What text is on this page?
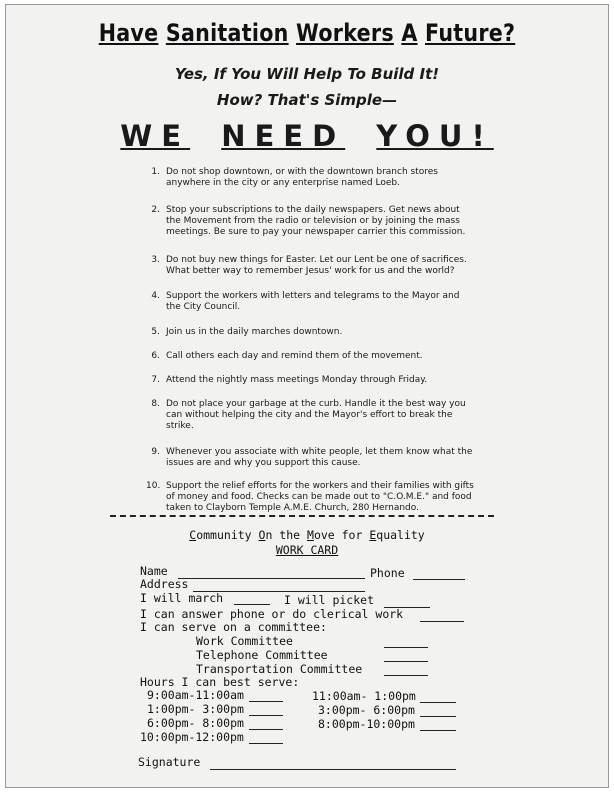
Have Sanitation Workers A Future?
Yes, If You Will Help To Build It!
How? That's Simple—
WE NEED YOU!
1. Do not shop downtown, or with the downtown branch stores anywhere in the city or any enterprise named Loeb.
2. Stop your subscriptions to the daily newspapers. Get news about the Movement from the radio or television or by joining the mass meetings. Be sure to pay your newspaper carrier this commission.
3. Do not buy new things for Easter. Let our Lent be one of sacrifices. What better way to remember Jesus' work for us and the world?
4. Support the workers with letters and telegrams to the Mayor and the City Council.
5. Join us in the daily marches downtown.
6. Call others each day and remind them of the movement.
7. Attend the nightly mass meetings Monday through Friday.
8. Do not place your garbage at the curb. Handle it the best way you can without helping the city and the Mayor's effort to break the strike.
9. Whenever you associate with white people, let them know what the issues are and why you support this cause.
10. Support the relief efforts for the workers and their families with gifts of money and food. Checks can be made out to "C.O.M.E." and food taken to Clayborn Temple A.M.E. Church, 280 Hernando.
Community On the Move for Equality
WORK CARD
Name	Phone
Address
I will march	I will picket
I can answer phone or do clerical work
I can serve on a committee:
Work Committee
Telephone Committee
Transportation Committee
Hours I can best serve:
9:00am-11:00am	11:00am- 1:00pm
1:00pm- 3:00pm	3:00pm- 6:00pm
6:00pm- 8:00pm	8:00pm-10:00pm
10:00pm-12:00pm
Signature
